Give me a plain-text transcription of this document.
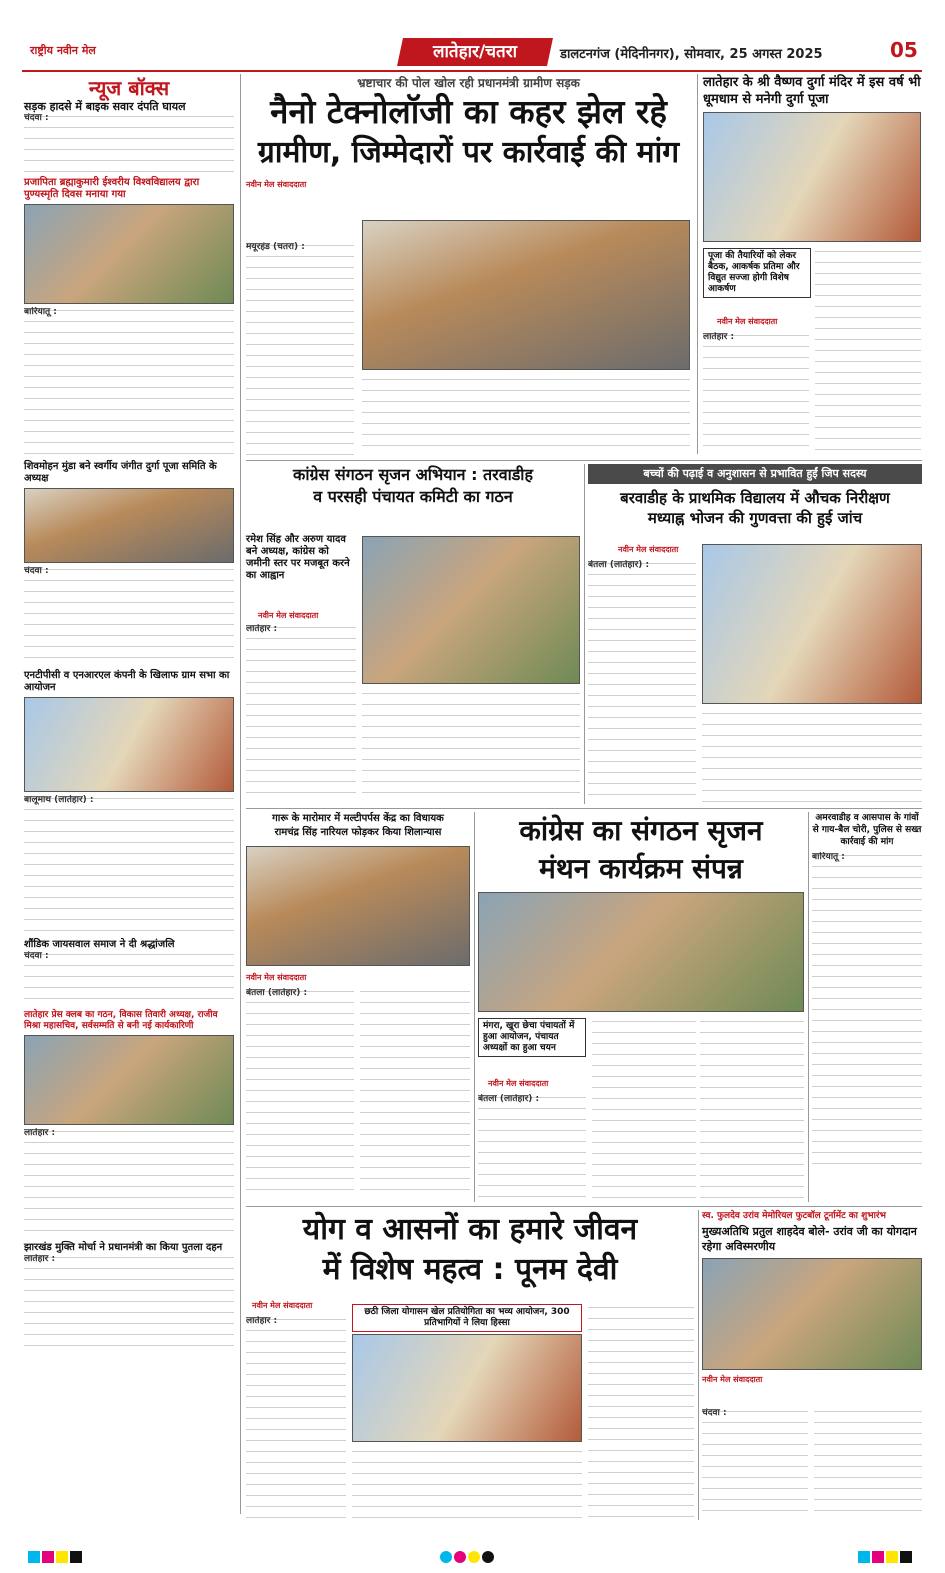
राष्ट्रीय नवीन मेल	लातेहार/चतरा	डालटनगंज (मेदिनीनगर), सोमवार, 25 अगस्त 2025	05
न्यूज बॉक्स
सड़क हादसे में बाइक सवार दंपति घायल
चंदवा :
प्रजापिता ब्रह्माकुमारी ईश्वरीय विश्वविद्यालय द्वारा पुण्यस्मृति दिवस मनाया गया
बारियातू :
शिवमोहन मुंडा बने स्वर्गीय जंगीत दुर्गा पूजा समिति के अध्यक्ष
चंदवा :
एनटीपीसी व एनआरएल कंपनी के खिलाफ ग्राम सभा का आयोजन
बालूमाथ (लातेहार) :
शौंडिक जायसवाल समाज ने दी श्रद्धांजलि
चंदवा :
लातेहार प्रेस क्लब का गठन, विकास तिवारी अध्यक्ष, राजीव मिश्रा महासचिव, सर्वसम्मति से बनी नई कार्यकारिणी
लातेहार :
झारखंड मुक्ति मोर्चा ने प्रधानमंत्री का किया पुतला दहन
लातेहार :
भ्रष्टाचार की पोल खोल रही प्रधानमंत्री ग्रामीण सड़क
नैनो टेक्नोलॉजी का कहर झेल रहे
ग्रामीण, जिम्मेदारों पर कार्रवाई की मांग
नवीन मेल संवाददाता
मयूरहंड (चतरा) :
लातेहार के श्री वैष्णव दुर्गा मंदिर में इस वर्ष भी धूमधाम से मनेगी दुर्गा पूजा
पूजा की तैयारियों को लेकर बैठक, आकर्षक प्रतिमा और विद्युत सज्जा होगी विशेष आकर्षण
नवीन मेल संवाददाता
लातेहार :
कांग्रेस संगठन सृजन अभियान : तरवाडीह
व परसही पंचायत कमिटी का गठन
रमेश सिंह और अरुण यादव बने अध्यक्ष, कांग्रेस को जमीनी स्तर पर मजबूत करने का आह्वान
नवीन मेल संवाददाता
लातेहार :
बच्चों की पढ़ाई व अनुशासन से प्रभावित हुईं जिप सदस्य
बरवाडीह के प्राथमिक विद्यालय में औचक निरीक्षण
मध्याह्न भोजन की गुणवत्ता की हुई जांच
नवीन मेल संवाददाता
बेतला (लातेहार) :
गारू के मारोमार में मल्टीपर्पस केंद्र का विधायक
रामचंद्र सिंह नारियल फोड़कर किया शिलान्यास
नवीन मेल संवाददाता
बेतला (लातेहार) :
कांग्रेस का संगठन सृजन
मंथन कार्यक्रम संपन्न
मंगरा, खुरा छेचा पंचायतों में हुआ आयोजन, पंचायत अध्यक्षों का हुआ चयन
नवीन मेल संवाददाता
बेतला (लातेहार) :
अमरवाडीह व आसपास के गांवों से गाय-बैल चोरी, पुलिस से सख्त कार्रवाई की मांग
बारियातू :
योग व आसनों का हमारे जीवन
में विशेष महत्व : पूनम देवी
नवीन मेल संवाददाता
लातेहार :
छठी जिला योगासन खेल प्रतियोगिता का भव्य आयोजन, 300 प्रतिभागियों ने लिया हिस्सा
स्व. फुलदेव उरांव मेमोरियल फुटबॉल टूर्नामेंट का शुभारंभ
मुख्यअतिथि प्रतुल शाहदेव बोले- उरांव जी का योगदान रहेगा अविस्मरणीय
नवीन मेल संवाददाता
चंदवा :
